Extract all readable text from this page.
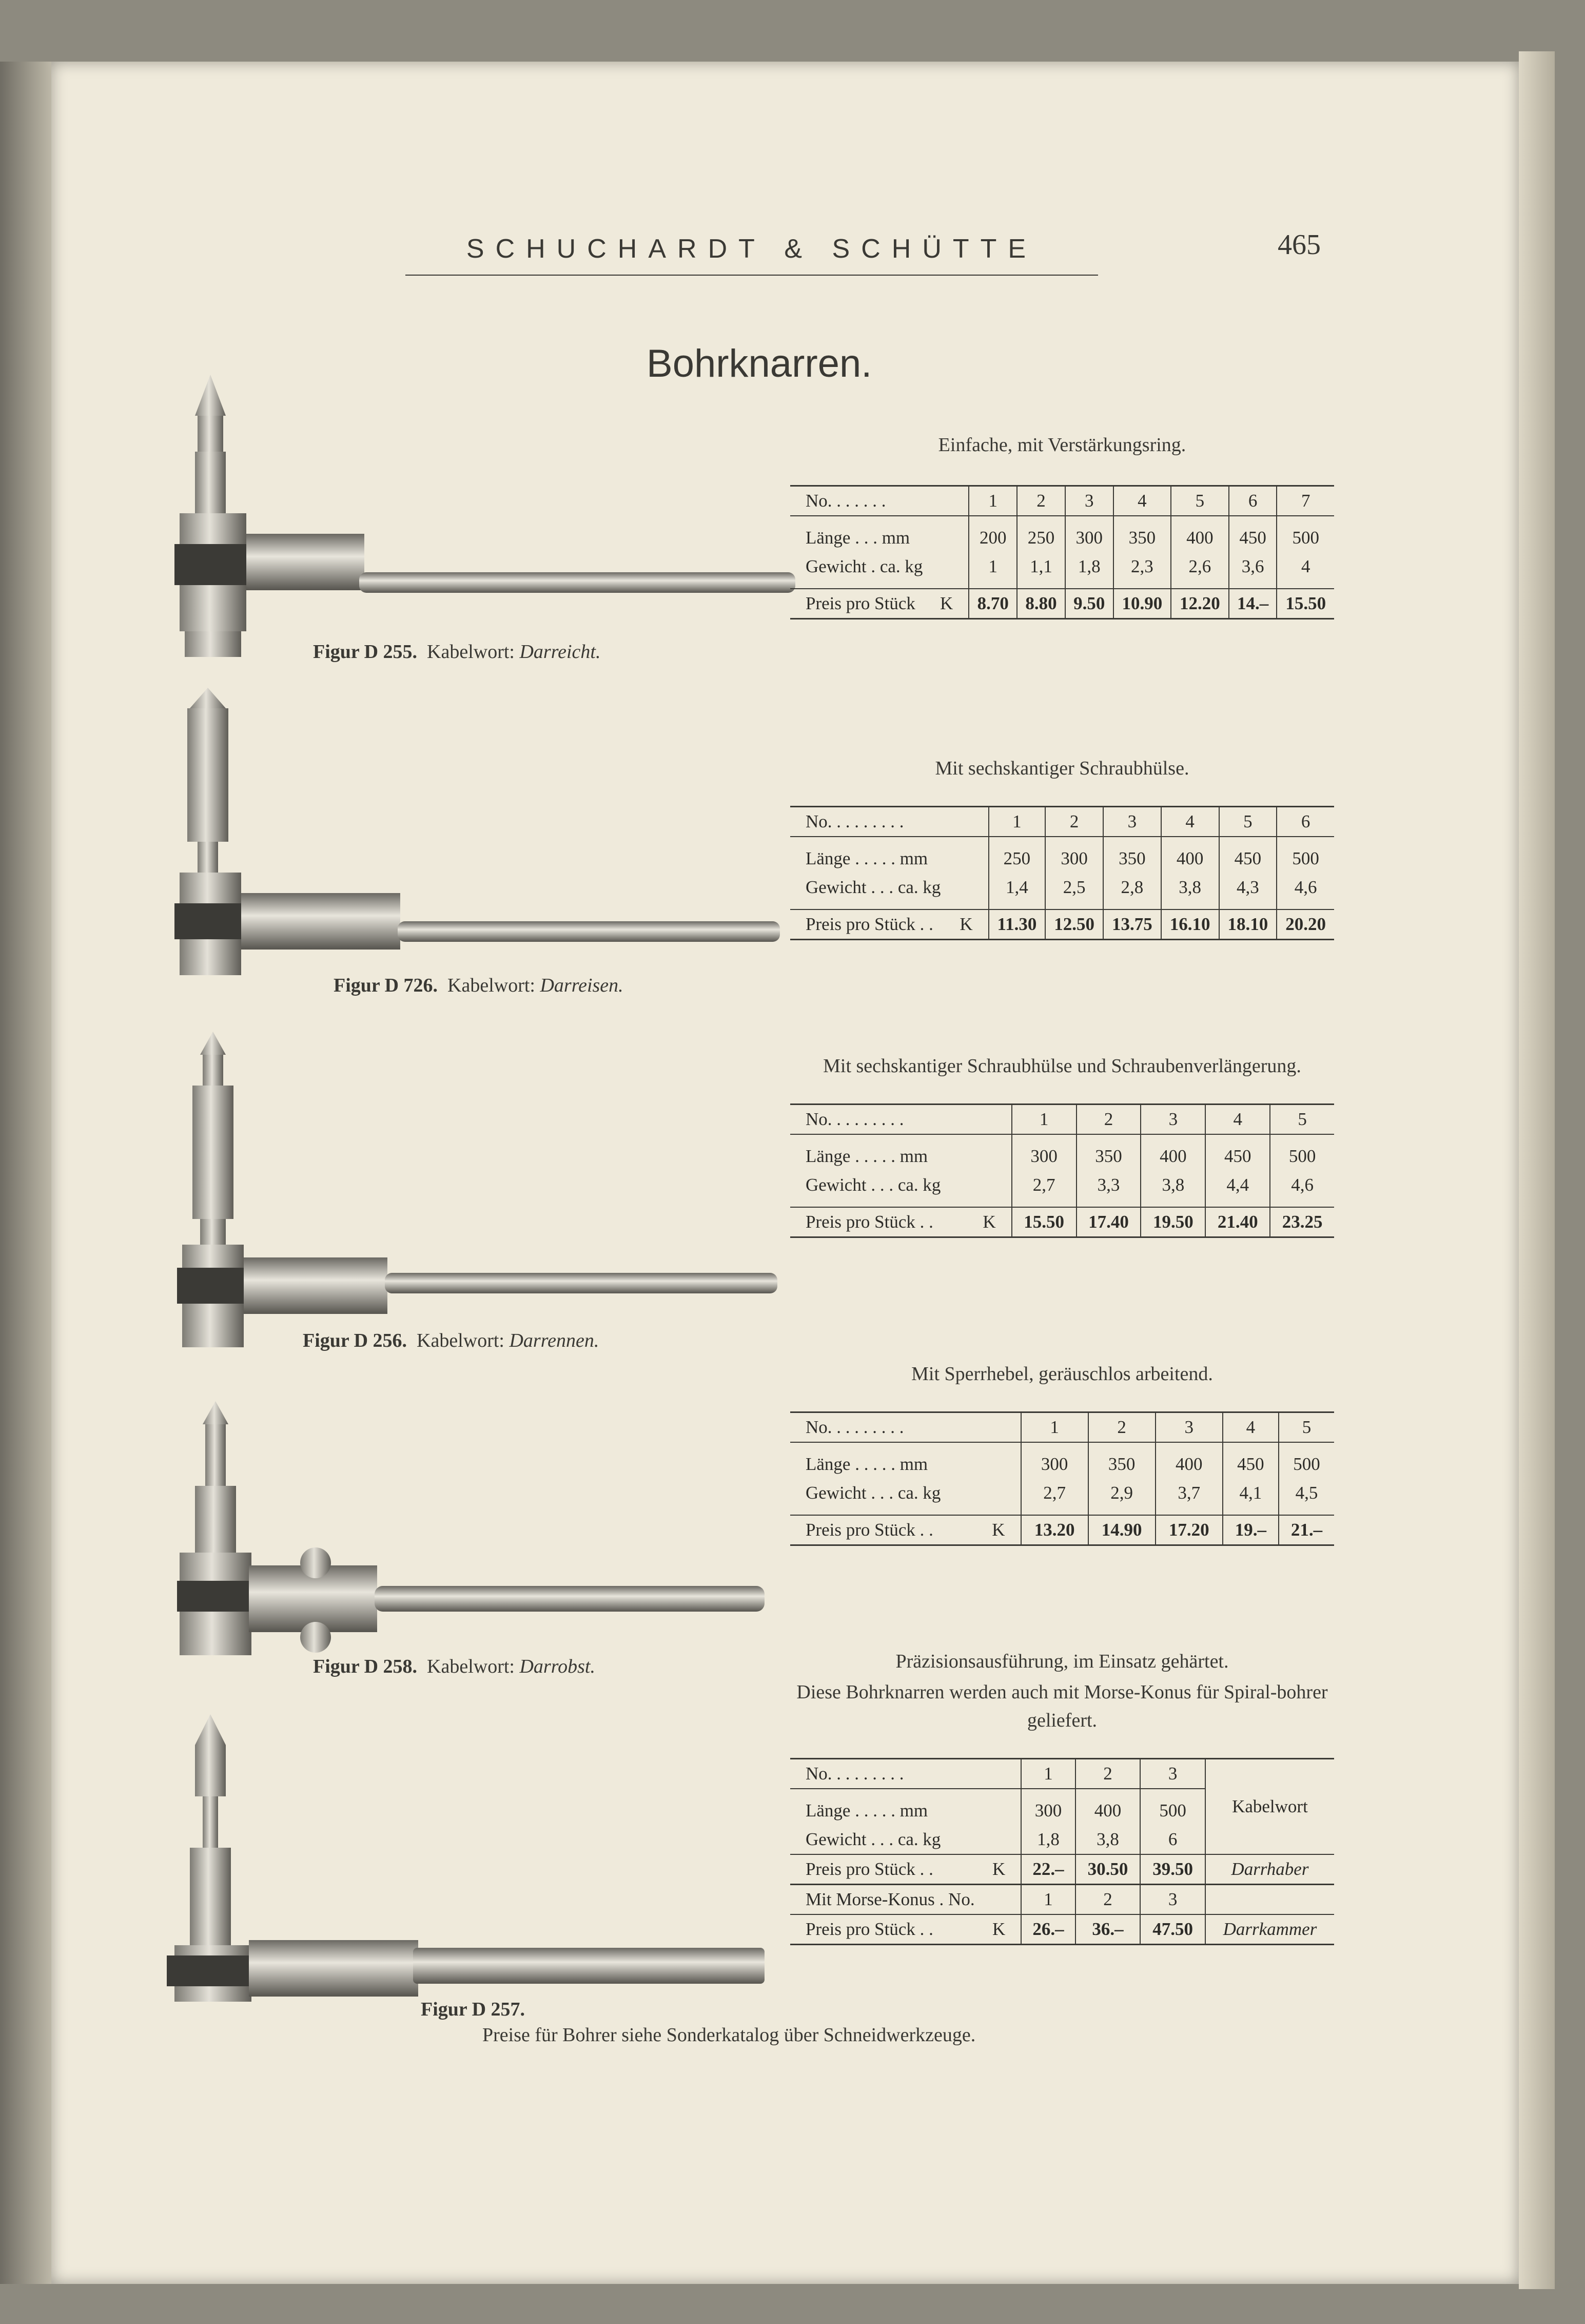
SCHUCHARDT & SCHÜTTE	465
Bohrknarren.
Figur D 255. Kabelwort: Darreicht.
Figur D 726. Kabelwort: Darreisen.
Figur D 256. Kabelwort: Darrennen.
Figur D 258. Kabelwort: Darrobst.
Figur D 257.
Einfache, mit Verstärkungsring.
No. . . . . . .		1	2	3	4	5	6	7

Länge . . . mm		200	250	300	350	400	450	500
Gewicht . ca. kg		1	1,1	1,8	2,3	2,6	3,6	4

Preis pro Stück	K	8.70	8.80	9.50	10.90	12.20	14.–	15.50
Mit sechskantiger Schraubhülse.
No. . . . . . . . .		1	2	3	4	5	6

Länge . . . . . mm		250	300	350	400	450	500
Gewicht . . . ca. kg		1,4	2,5	2,8	3,8	4,3	4,6

Preis pro Stück . .	K	11.30	12.50	13.75	16.10	18.10	20.20
Mit sechskantiger Schraubhülse und Schraubenverlängerung.
No. . . . . . . . .		1	2	3	4	5

Länge . . . . . mm		300	350	400	450	500
Gewicht . . . ca. kg		2,7	3,3	3,8	4,4	4,6

Preis pro Stück . .	K	15.50	17.40	19.50	21.40	23.25
Mit Sperrhebel, geräuschlos arbeitend.
No. . . . . . . . .		1	2	3	4	5

Länge . . . . . mm		300	350	400	450	500
Gewicht . . . ca. kg		2,7	2,9	3,7	4,1	4,5

Preis pro Stück . .	K	13.20	14.90	17.20	19.–	21.–
Präzisionsausführung, im Einsatz gehärtet.
Diese Bohrknarren werden auch mit Morse-Konus für Spiral-bohrer geliefert.
No. . . . . . . . .		1	2	3	Kabelwort

Länge . . . . . mm		300	400	500	
Gewicht . . . ca. kg		1,8	3,8	6	
Preis pro Stück . .	K	22.–	30.50	39.50	Darrhaber
Mit Morse-Konus . No.		1	2	3	
Preis pro Stück . .	K	26.–	36.–	47.50	Darrkammer
Preise für Bohrer siehe Sonderkatalog über Schneidwerkzeuge.
